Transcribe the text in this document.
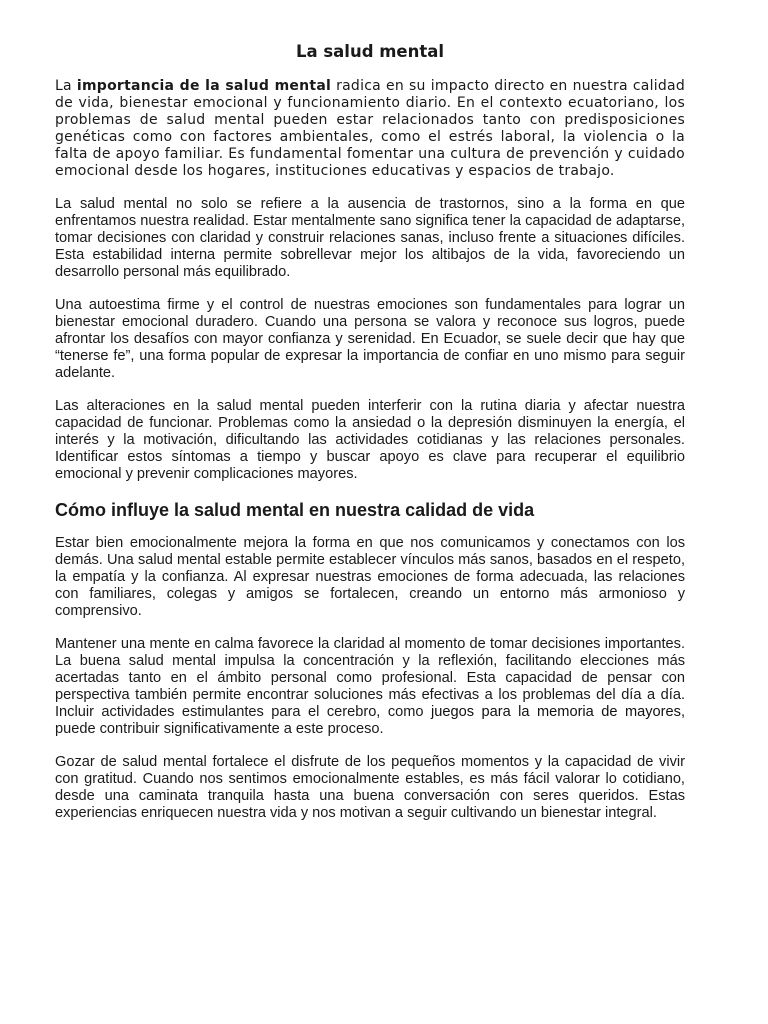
La salud mental

La importancia de la salud mental radica en su impacto directo en nuestra calidad de vida, bienestar emocional y funcionamiento diario. En el contexto ecuatoriano, los problemas de salud mental pueden estar relacionados tanto con predisposiciones genéticas como con factores ambientales, como el estrés laboral, la violencia o la falta de apoyo familiar. Es fundamental fomentar una cultura de prevención y cuidado emocional desde los hogares, instituciones educativas y espacios de trabajo.

La salud mental no solo se refiere a la ausencia de trastornos, sino a la forma en que enfrentamos nuestra realidad. Estar mentalmente sano significa tener la capacidad de adaptarse, tomar decisiones con claridad y construir relaciones sanas, incluso frente a situaciones difíciles. Esta estabilidad interna permite sobrellevar mejor los altibajos de la vida, favoreciendo un desarrollo personal más equilibrado.

Una autoestima firme y el control de nuestras emociones son fundamentales para lograr un bienestar emocional duradero. Cuando una persona se valora y reconoce sus logros, puede afrontar los desafíos con mayor confianza y serenidad. En Ecuador, se suele decir que hay que “tenerse fe”, una forma popular de expresar la importancia de confiar en uno mismo para seguir adelante.

Las alteraciones en la salud mental pueden interferir con la rutina diaria y afectar nuestra capacidad de funcionar. Problemas como la ansiedad o la depresión disminuyen la energía, el interés y la motivación, dificultando las actividades cotidianas y las relaciones personales. Identificar estos síntomas a tiempo y buscar apoyo es clave para recuperar el equilibrio emocional y prevenir complicaciones mayores.

Cómo influye la salud mental en nuestra calidad de vida

Estar bien emocionalmente mejora la forma en que nos comunicamos y conectamos con los demás. Una salud mental estable permite establecer vínculos más sanos, basados en el respeto, la empatía y la confianza. Al expresar nuestras emociones de forma adecuada, las relaciones con familiares, colegas y amigos se fortalecen, creando un entorno más armonioso y comprensivo.

Mantener una mente en calma favorece la claridad al momento de tomar decisiones importantes. La buena salud mental impulsa la concentración y la reflexión, facilitando elecciones más acertadas tanto en el ámbito personal como profesional. Esta capacidad de pensar con perspectiva también permite encontrar soluciones más efectivas a los problemas del día a día. Incluir actividades estimulantes para el cerebro, como juegos para la memoria de mayores, puede contribuir significativamente a este proceso.

Gozar de salud mental fortalece el disfrute de los pequeños momentos y la capacidad de vivir con gratitud. Cuando nos sentimos emocionalmente estables, es más fácil valorar lo cotidiano, desde una caminata tranquila hasta una buena conversación con seres queridos. Estas experiencias enriquecen nuestra vida y nos motivan a seguir cultivando un bienestar integral.
